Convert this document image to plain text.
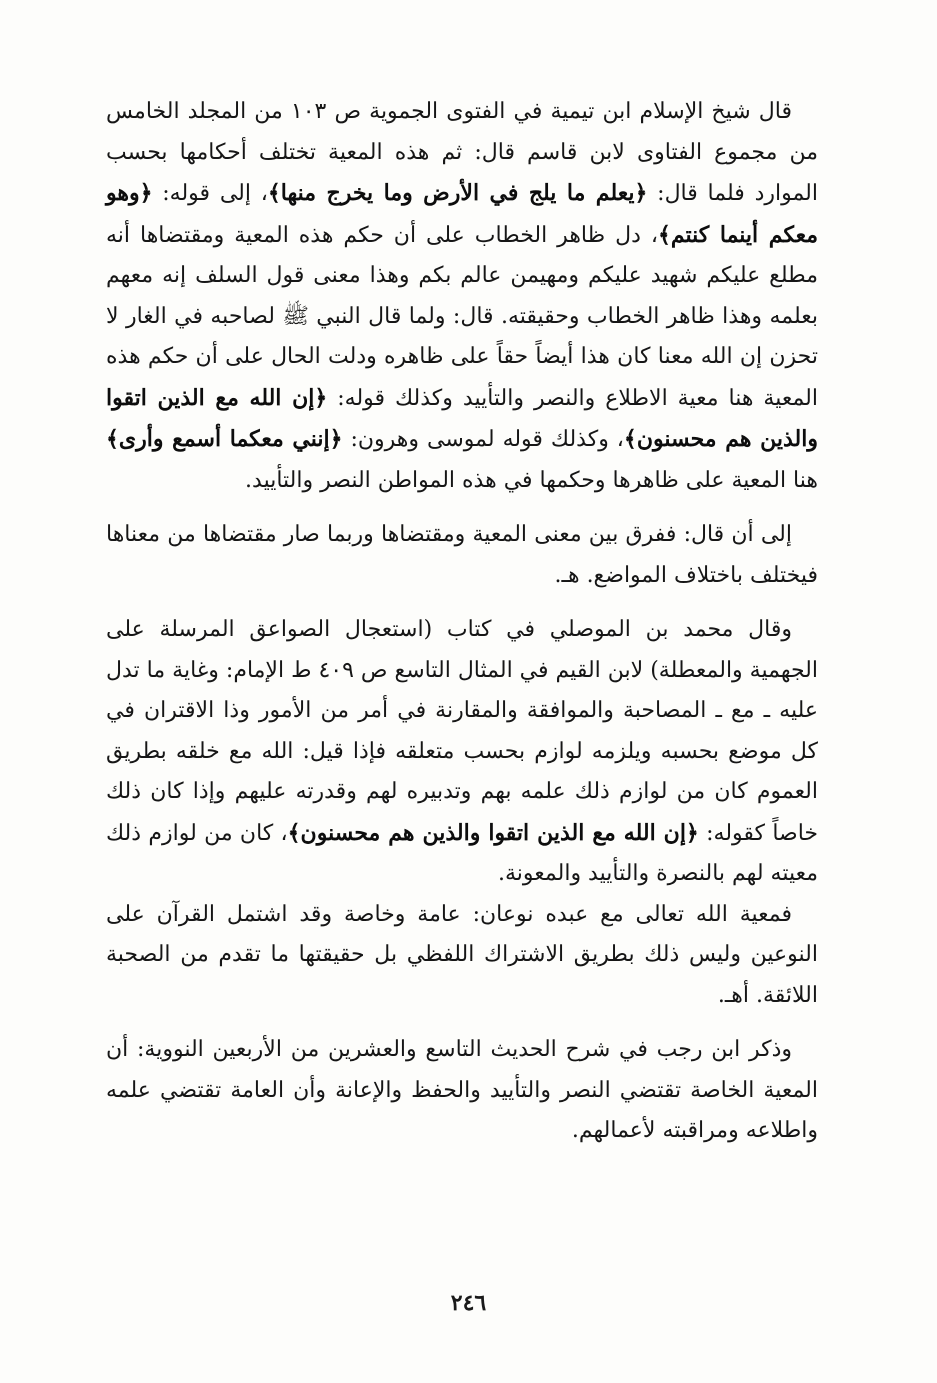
قال شيخ الإسلام ابن تيمية في الفتوى الجموية ص ١٠٣ من المجلد الخامس من مجموع الفتاوى لابن قاسم قال: ثم هذه المعية تختلف أحكامها بحسب الموارد فلما قال: ﴿يعلم ما يلج في الأرض وما يخرج منها﴾، إلى قوله: ﴿وهو معكم أينما كنتم﴾، دل ظاهر الخطاب على أن حكم هذه المعية ومقتضاها أنه مطلع عليكم شهيد عليكم ومهيمن عالم بكم وهذا معنى قول السلف إنه معهم بعلمه وهذا ظاهر الخطاب وحقيقته. قال: ولما قال النبي ﷺ لصاحبه في الغار لا تحزن إن الله معنا كان هذا أيضاً حقاً على ظاهره ودلت الحال على أن حكم هذه المعية هنا معية الاطلاع والنصر والتأييد وكذلك قوله: ﴿إن الله مع الذين اتقوا والذين هم محسنون﴾، وكذلك قوله لموسى وهرون: ﴿إنني معكما أسمع وأرى﴾ هنا المعية على ظاهرها وحكمها في هذه المواطن النصر والتأييد.

إلى أن قال: ففرق بين معنى المعية ومقتضاها وربما صار مقتضاها من معناها فيختلف باختلاف المواضع. هـ.

وقال محمد بن الموصلي في كتاب (استعجال الصواعق المرسلة على الجهمية والمعطلة) لابن القيم في المثال التاسع ص ٤٠٩ ط الإمام: وغاية ما تدل عليه ـ مع ـ المصاحبة والموافقة والمقارنة في أمر من الأمور وذا الاقتران في كل موضع بحسبه ويلزمه لوازم بحسب متعلقه فإذا قيل: الله مع خلقه بطريق العموم كان من لوازم ذلك علمه بهم وتدبيره لهم وقدرته عليهم وإذا كان ذلك خاصاً كقوله: ﴿إن الله مع الذين اتقوا والذين هم محسنون﴾، كان من لوازم ذلك معيته لهم بالنصرة والتأييد والمعونة.

فمعية الله تعالى مع عبده نوعان: عامة وخاصة وقد اشتمل القرآن على النوعين وليس ذلك بطريق الاشتراك اللفظي بل حقيقتها ما تقدم من الصحبة اللائقة. أهـ.

وذكر ابن رجب في شرح الحديث التاسع والعشرين من الأربعين النووية: أن المعية الخاصة تقتضي النصر والتأييد والحفظ والإعانة وأن العامة تقتضي علمه واطلاعه ومراقبته لأعمالهم.

٢٤٦
